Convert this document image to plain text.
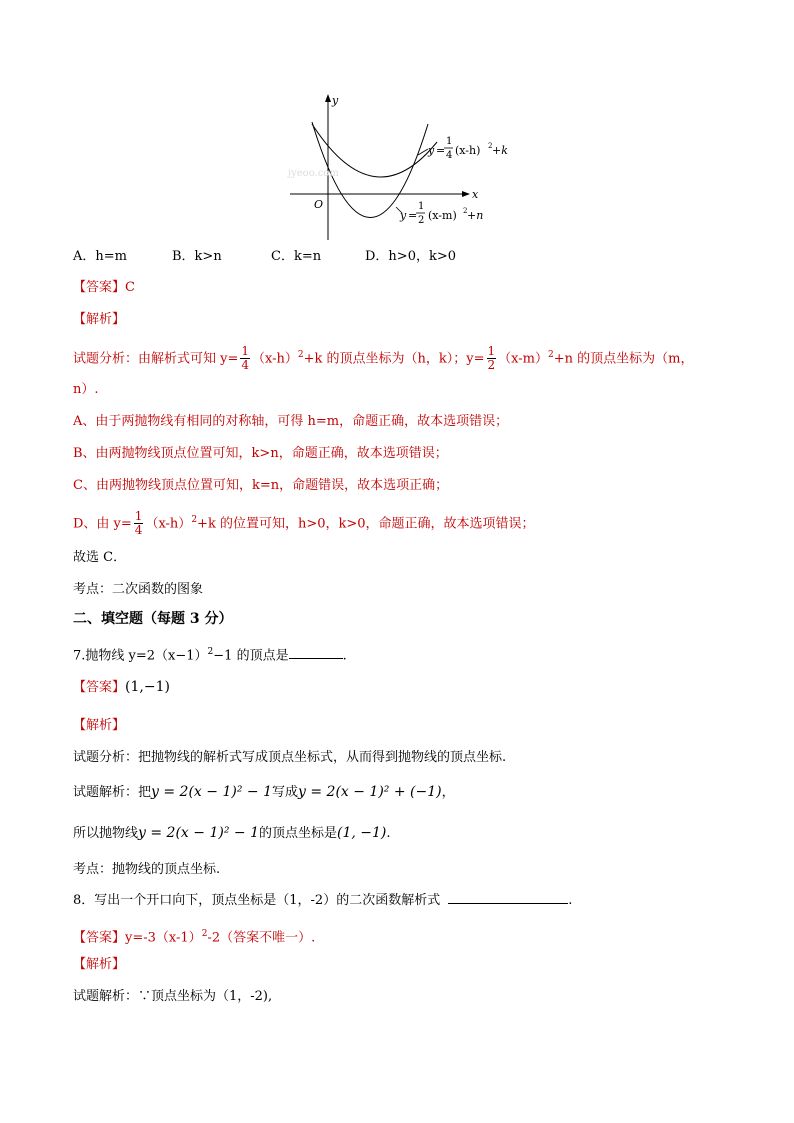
jyeoo.com
y
x
O
y =
1
4 (x-h) 2 +k
y =
1
2 (x-m) 2 +n
A．h=m	B．k>n	C．k=n	D．h>0，k>0
【答案】C
【解析】
试题分析：由解析式可知 $y= \frac{1}{4} (x-h)^2+k$ 的顶点坐标为（h，k）；$y= \frac{1}{2} (x-m)^2+n$ 的顶点坐标为（m，
n）.
A、由于两抛物线有相同的对称轴，可得 h=m，命题正确，故本选项错误；
B、由两抛物线顶点位置可知，k>n，命题正确，故本选项错误；
C、由两抛物线顶点位置可知，k=n，命题错误，故本选项正确；
D、由 $y= \frac{1}{4} (x-h)^2+k$ 的位置可知，h>0，k>0，命题正确，故本选项错误；
故选 C．
考点：二次函数的图象
二、填空题（每题 3 分）
7.抛物线 $y=2(x-1)^2-1$ 的顶点是	.
【答案】(1,−1)
【解析】
试题分析：把抛物线的解析式写成顶点坐标式，从而得到抛物线的顶点坐标.
试题解析：把y = 2(x − 1)² − 1写成y = 2(x − 1)² + (−1)，
所以抛物线y = 2(x − 1)² − 1的顶点坐标是(1, −1).
考点：抛物线的顶点坐标.
8．写出一个开口向下，顶点坐标是（1，-2）的二次函数解析式	.
【答案】$y=-3(x-1)^2-2$（答案不唯一）.
【解析】
试题解析：∵顶点坐标为（1，-2),
